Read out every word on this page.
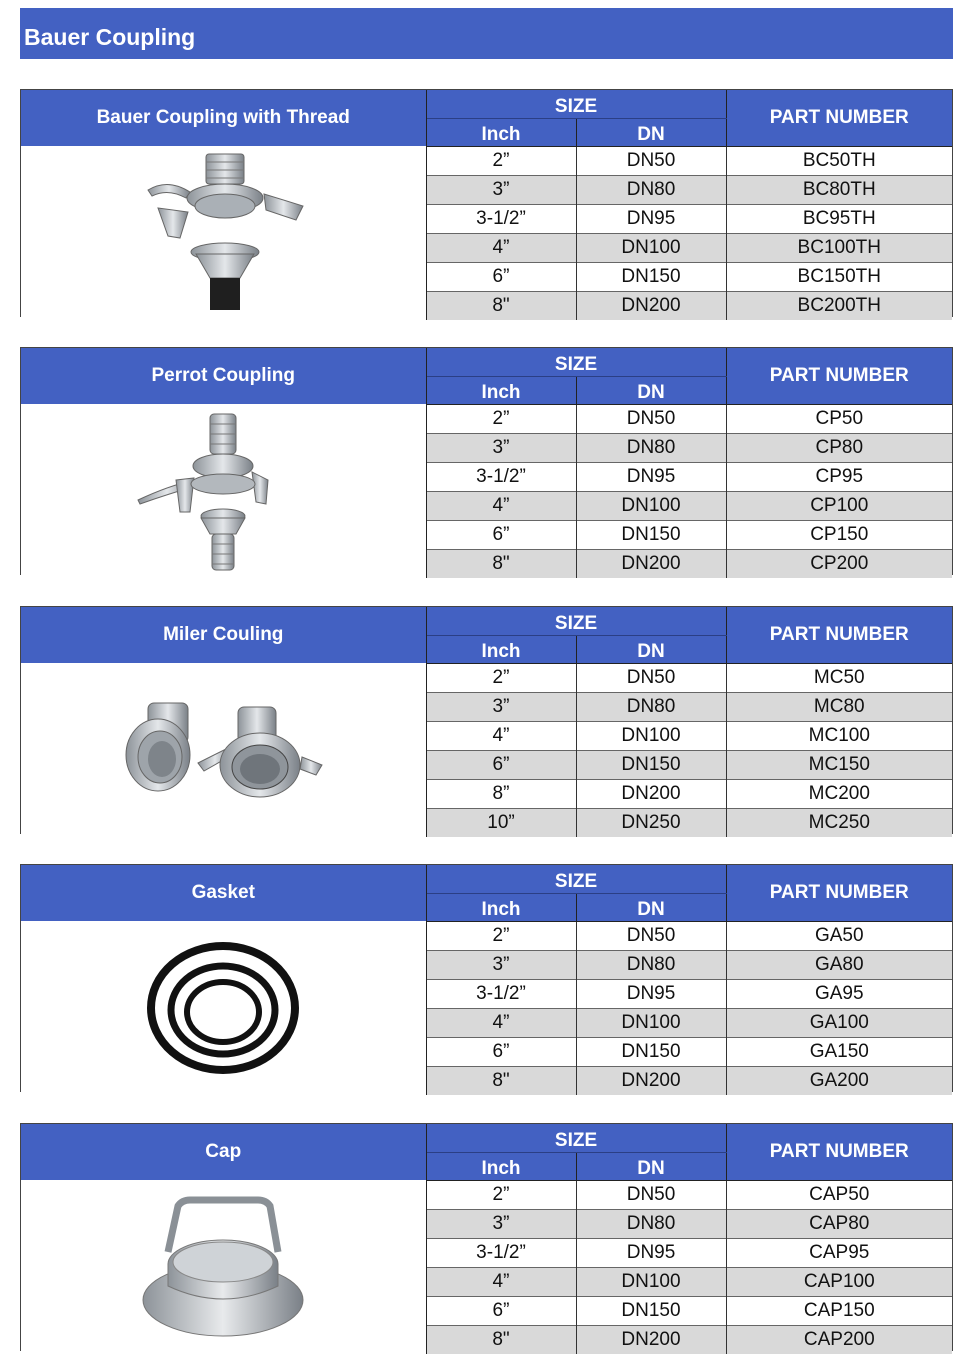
Bauer Coupling
Bauer Coupling with Thread	SIZE		PART NUMBER
	Inch	DN	

	2”	DN50	BC50TH
	3”	DN80	BC80TH
	3-1/2”	DN95	BC95TH
	4”	DN100	BC100TH
	6”	DN150	BC150TH
	8"	DN200	BC200TH
Perrot Coupling	SIZE		PART NUMBER
	Inch	DN	

	2”	DN50	CP50
	3”	DN80	CP80
	3-1/2”	DN95	CP95
	4”	DN100	CP100
	6”	DN150	CP150
	8"	DN200	CP200
Miler Couling	SIZE		PART NUMBER
	Inch	DN	

	2”	DN50	MC50
	3”	DN80	MC80
	4”	DN100	MC100
	6”	DN150	MC150
	8”	DN200	MC200
	10”	DN250	MC250
Gasket	SIZE		PART NUMBER
	Inch	DN	

	2”	DN50	GA50
	3”	DN80	GA80
	3-1/2”	DN95	GA95
	4”	DN100	GA100
	6”	DN150	GA150
	8"	DN200	GA200
Cap	SIZE		PART NUMBER
	Inch	DN	

	2”	DN50	CAP50
	3”	DN80	CAP80
	3-1/2”	DN95	CAP95
	4”	DN100	CAP100
	6”	DN150	CAP150
	8"	DN200	CAP200
